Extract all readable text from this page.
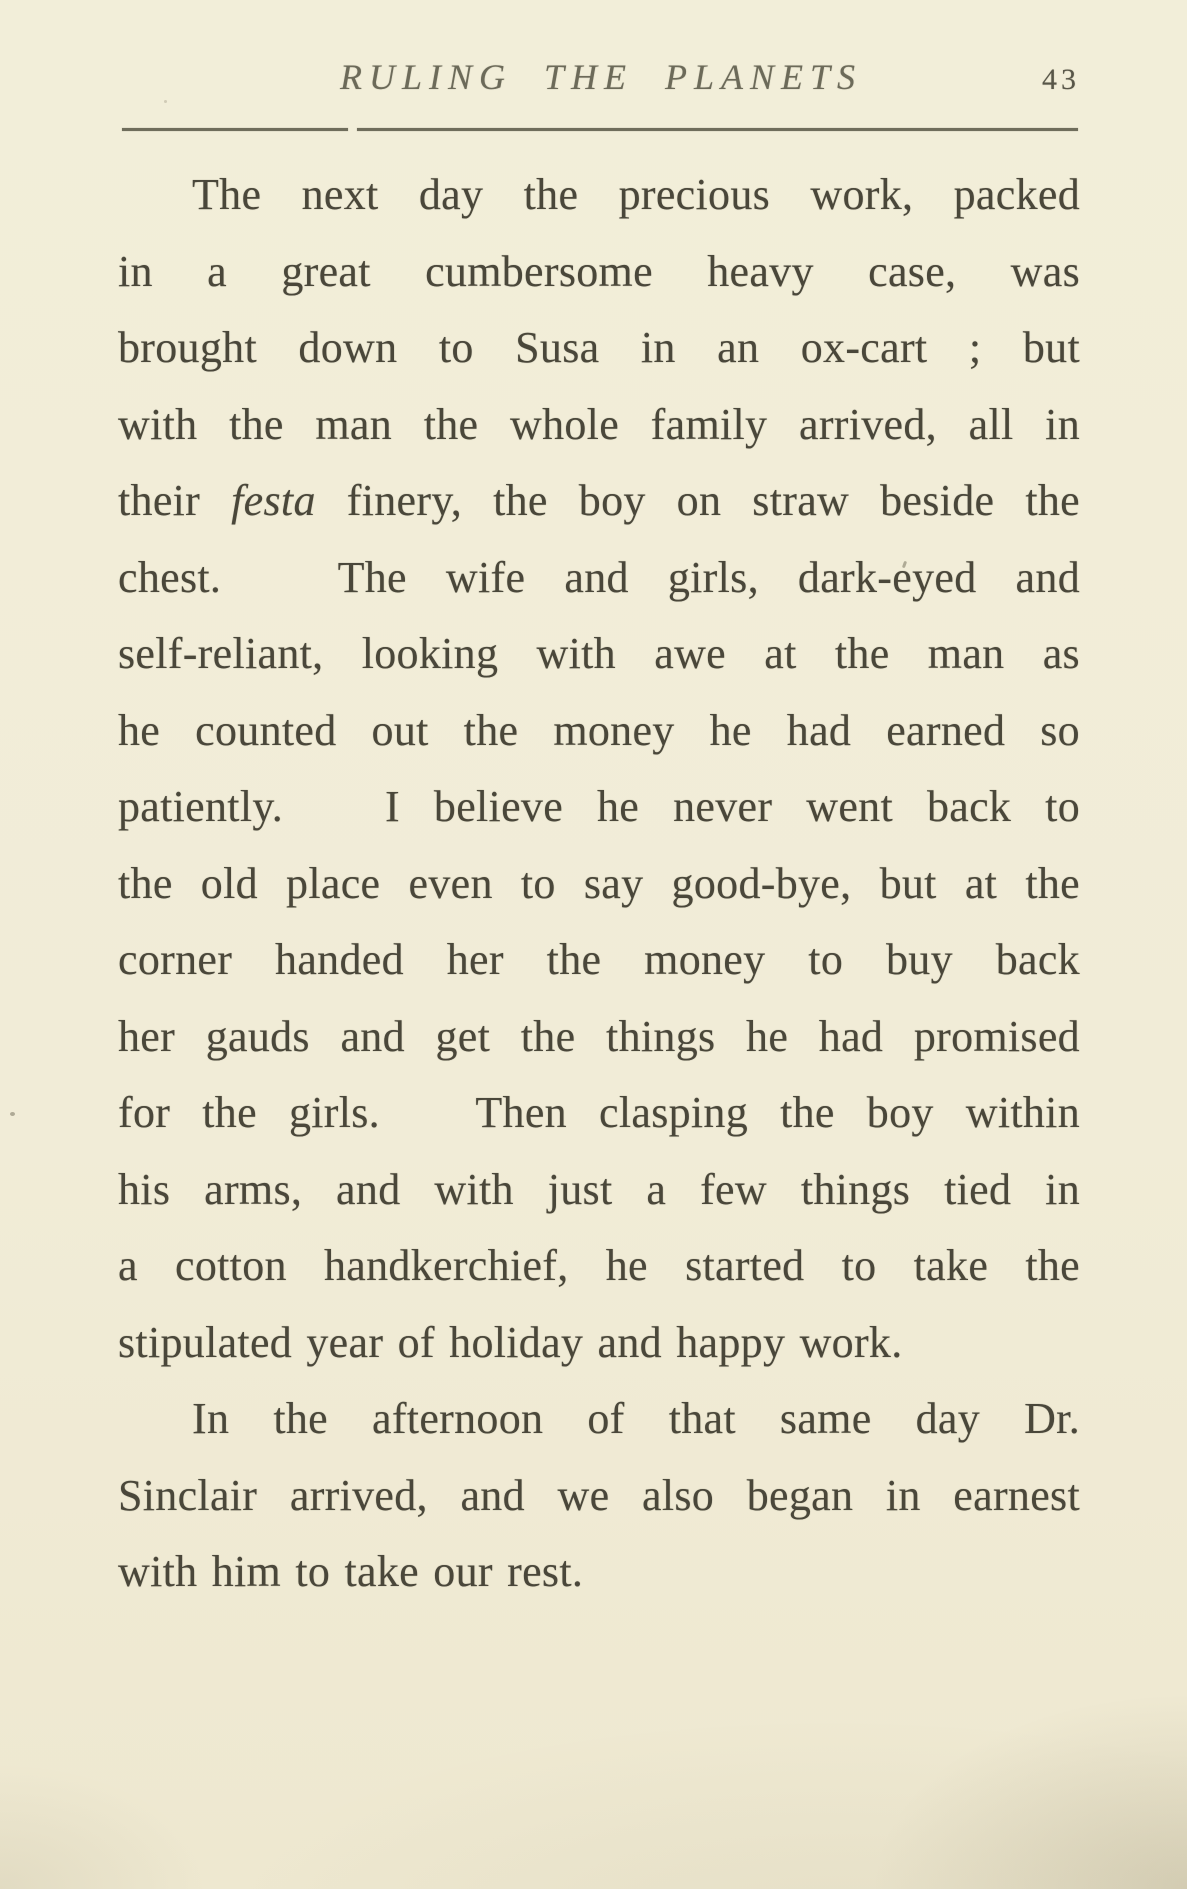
RULING THE PLANETS	43
The next day the precious work, packed
in a great cumbersome heavy case, was
brought down to Susa in an ox-cart ; but
with the man the whole family arrived, all in
their festa finery, the boy on straw beside the
chest.   The wife and girls, dark-eyed and
self-reliant, looking with awe at the man as
he counted out the money he had earned so
patiently.   I believe he never went back to
the old place even to say good-bye, but at the
corner handed her the money to buy back
her gauds and get the things he had promised
for the girls.   Then clasping the boy within
his arms, and with just a few things tied in
a cotton handkerchief, he started to take the
stipulated year of holiday and happy work.
In the afternoon of that same day Dr.
Sinclair arrived, and we also began in earnest
with him to take our rest.
